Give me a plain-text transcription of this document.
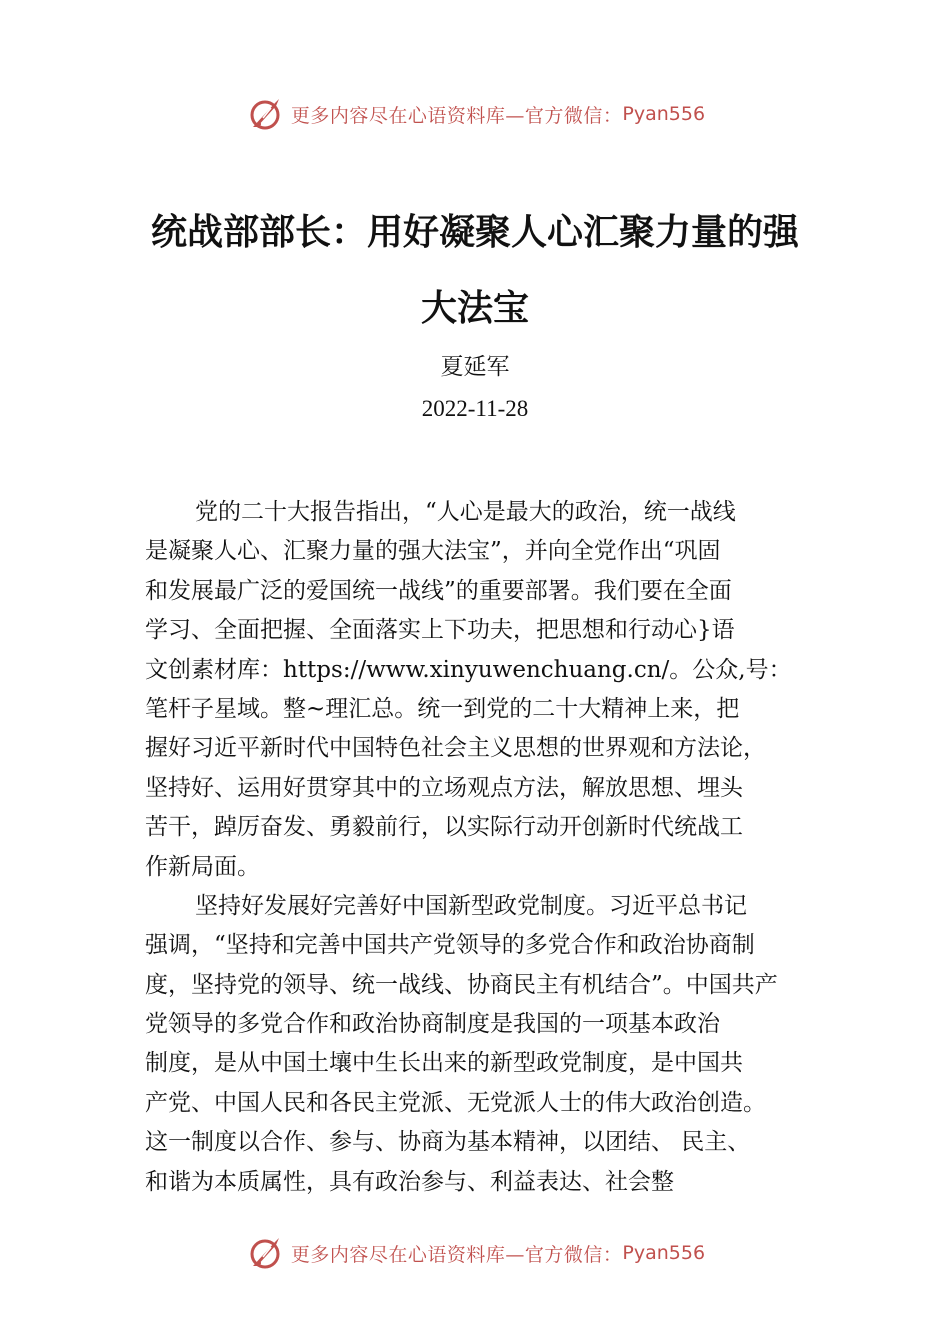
更多内容尽在心语资料库—官方微信： Pyan556
统战部部长：用好凝聚人心汇聚力量的强
大法宝
夏延军
2022-11-28
党的二十大报告指出，“人心是最大的政治，统一战线
是凝聚人心、汇聚力量的强大法宝”，并向全党作出“巩固
和发展最广泛的爱国统一战线”的重要部署。我们要在全面
学习、全面把握、全面落实上下功夫，把思想和行动心}语
文创素材库：https://www.xinyuwenchuang.cn/。公众,号：
笔杆子星域。整~理汇总。统一到党的二十大精神上来，把
握好习近平新时代中国特色社会主义思想的世界观和方法论，
坚持好、运用好贯穿其中的立场观点方法，解放思想、埋头
苦干，踔厉奋发、勇毅前行，以实际行动开创新时代统战工
作新局面。
坚持好发展好完善好中国新型政党制度。习近平总书记
强调，“坚持和完善中国共产党领导的多党合作和政治协商制
度，坚持党的领导、统一战线、协商民主有机结合”。中国共产
党领导的多党合作和政治协商制度是我国的一项基本政治
制度，是从中国土壤中生长出来的新型政党制度，是中国共
产党、中国人民和各民主党派、无党派人士的伟大政治创造。
这一制度以合作、参与、协商为基本精神，以团结、 民主、
和谐为本质属性，具有政治参与、利益表达、社会整
更多内容尽在心语资料库—官方微信： Pyan556
